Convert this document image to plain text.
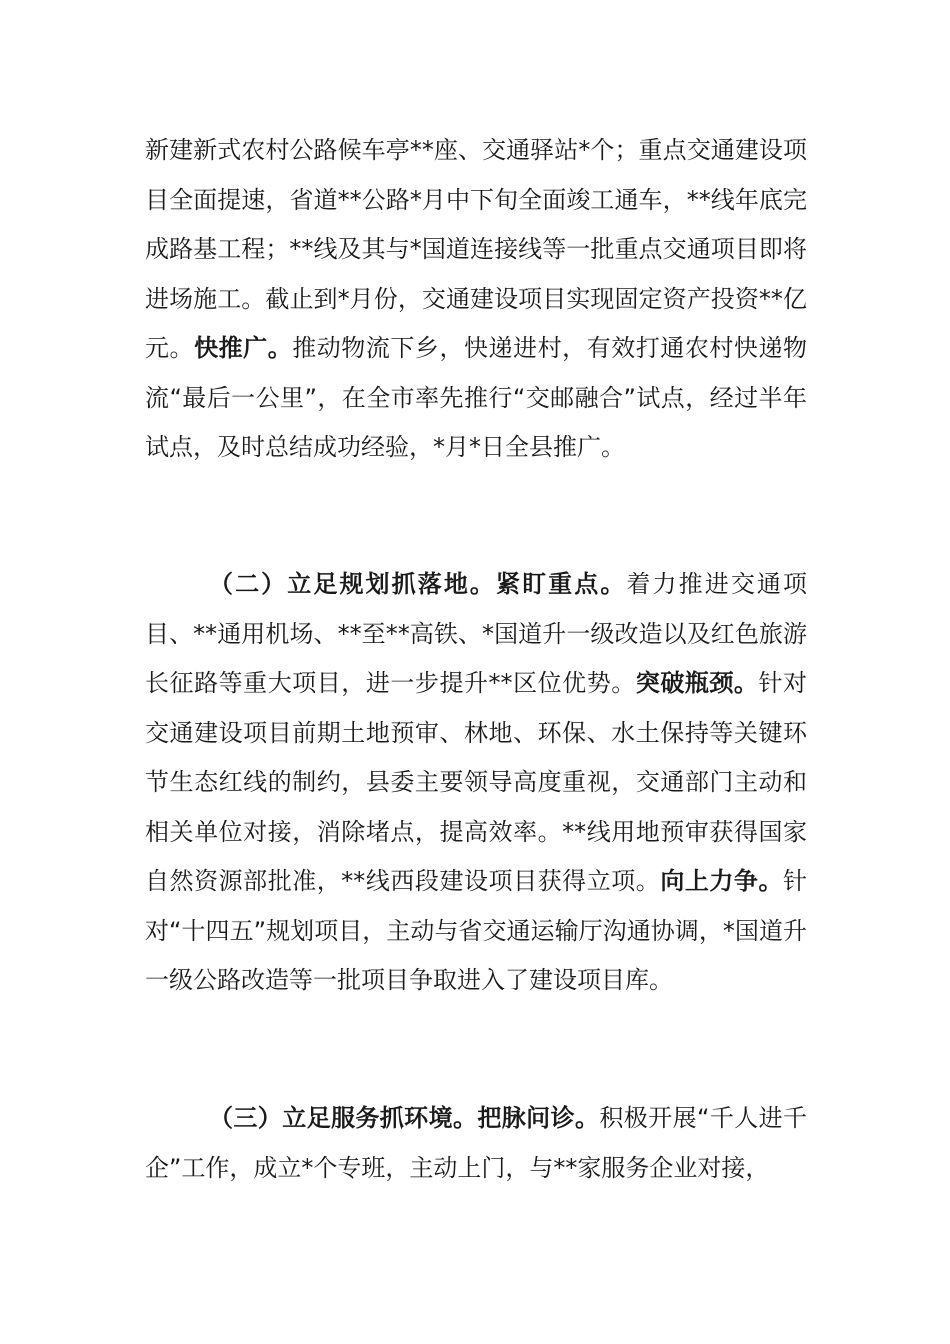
新建新式农村公路候车亭**座、交通驿站*个；重点交通建设项目全面提速，省道**公路*月中下旬全面竣工通车，**线年底完成路基工程；**线及其与*国道连接线等一批重点交通项目即将进场施工。截止到*月份，交通建设项目实现固定资产投资**亿元。快推广。推动物流下乡，快递进村，有效打通农村快递物流“最后一公里”，在全市率先推行“交邮融合”试点，经过半年试点，及时总结成功经验，*月*日全县推广。

（二）立足规划抓落地。紧盯重点。着力推进交通项目、**通用机场、**至**高铁、*国道升一级改造以及红色旅游长征路等重大项目，进一步提升**区位优势。突破瓶颈。针对交通建设项目前期土地预审、林地、环保、水土保持等关键环节生态红线的制约，县委主要领导高度重视，交通部门主动和相关单位对接，消除堵点，提高效率。**线用地预审获得国家自然资源部批准，**线西段建设项目获得立项。向上力争。针对“十四五”规划项目，主动与省交通运输厅沟通协调，*国道升一级公路改造等一批项目争取进入了建设项目库。

（三）立足服务抓环境。把脉问诊。积极开展“千人进千企”工作，成立*个专班，主动上门，与**家服务企业对接，
